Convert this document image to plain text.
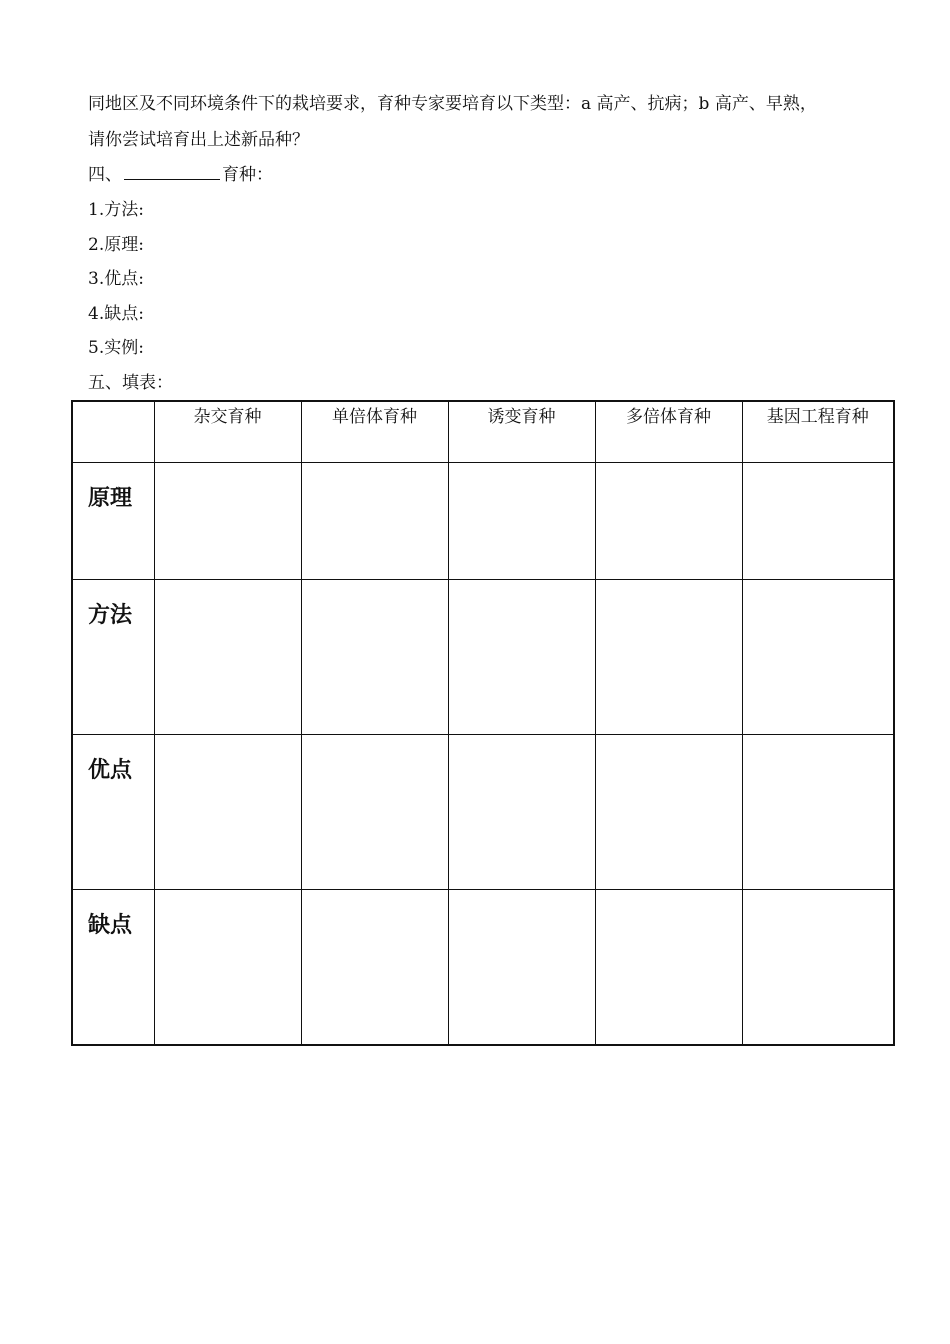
同地区及不同环境条件下的栽培要求，育种专家要培育以下类型：a 高产、抗病；b 高产、早熟，
请你尝试培育出上述新品种？
四、	育种：
1.方法:
2.原理:
3.优点:
4.缺点:
5.实例:
五、填表：
	杂交育种	单倍体育种	诱变育种	多倍体育种	基因工程育种
原理					
方法					
优点					
缺点					
